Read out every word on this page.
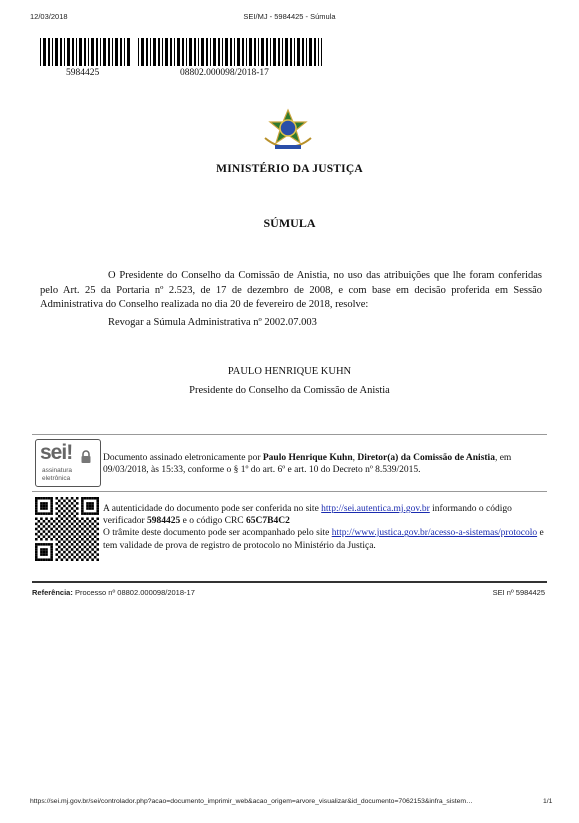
12/03/2018	SEI/MJ - 5984425 - Súmula
5984425	08802.000098/2018-17
MINISTÉRIO DA JUSTIÇA
SÚMULA
O Presidente do Conselho da Comissão de Anistia, no uso das atribuições que lhe foram conferidas pelo Art. 25 da Portaria nº 2.523, de 17 de dezembro de 2008, e com base em decisão proferida em Sessão Administrativa do Conselho realizada no dia 20 de fevereiro de 2018, resolve:
Revogar a Súmula Administrativa nº 2002.07.003
PAULO HENRIQUE KUHN
Presidente do Conselho da Comissão de Anistia
sei!
assinatura
eletrônica
Documento assinado eletronicamente por Paulo Henrique Kuhn, Diretor(a) da Comissão de Anistia, em 09/03/2018, às 15:33, conforme o § 1º do art. 6º e art. 10 do Decreto nº 8.539/2015.
A autenticidade do documento pode ser conferida no site http://sei.autentica.mj.gov.br informando o código verificador 5984425 e o código CRC 65C7B4C2
O trâmite deste documento pode ser acompanhado pelo site http://www.justica.gov.br/acesso-a-sistemas/protocolo e tem validade de prova de registro de protocolo no Ministério da Justiça.
Referência: Processo nº 08802.000098/2018-17	SEI nº 5984425
https://sei.mj.gov.br/sei/controlador.php?acao=documento_imprimir_web&acao_origem=arvore_visualizar&id_documento=7062153&infra_sistem…	1/1
